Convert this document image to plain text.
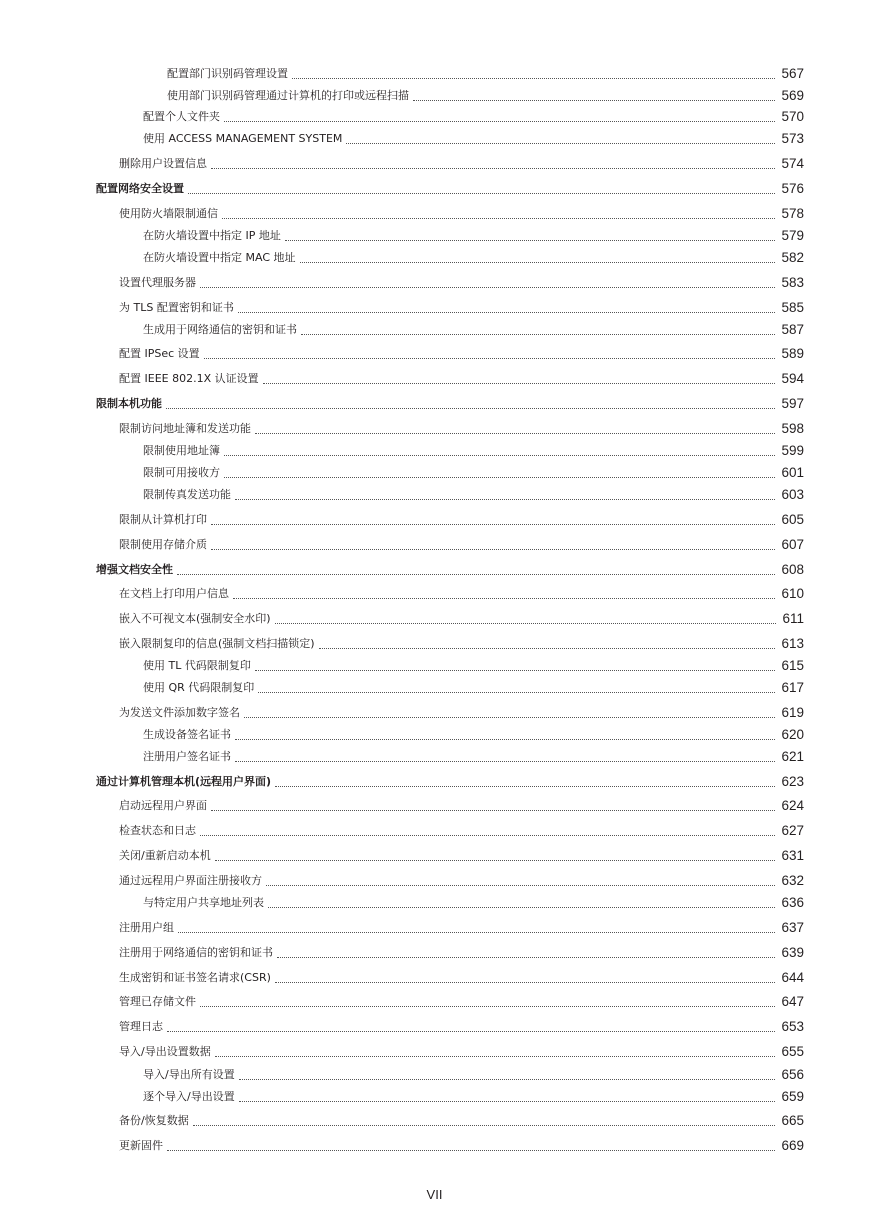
配置部门识别码管理设置	567
使用部门识别码管理通过计算机的打印或远程扫描	569
配置个人文件夹	570
使用 ACCESS MANAGEMENT SYSTEM	573
删除用户设置信息	574
配置网络安全设置	576
使用防火墙限制通信	578
在防火墙设置中指定 IP 地址	579
在防火墙设置中指定 MAC 地址	582
设置代理服务器	583
为 TLS 配置密钥和证书	585
生成用于网络通信的密钥和证书	587
配置 IPSec 设置	589
配置 IEEE 802.1X 认证设置	594
限制本机功能	597
限制访问地址簿和发送功能	598
限制使用地址簿	599
限制可用接收方	601
限制传真发送功能	603
限制从计算机打印	605
限制使用存储介质	607
增强文档安全性	608
在文档上打印用户信息	610
嵌入不可视文本(强制安全水印)	611
嵌入限制复印的信息(强制文档扫描锁定)	613
使用 TL 代码限制复印	615
使用 QR 代码限制复印	617
为发送文件添加数字签名	619
生成设备签名证书	620
注册用户签名证书	621
通过计算机管理本机(远程用户界面)	623
启动远程用户界面	624
检查状态和日志	627
关闭/重新启动本机	631
通过远程用户界面注册接收方	632
与特定用户共享地址列表	636
注册用户组	637
注册用于网络通信的密钥和证书	639
生成密钥和证书签名请求(CSR)	644
管理已存储文件	647
管理日志	653
导入/导出设置数据	655
导入/导出所有设置	656
逐个导入/导出设置	659
备份/恢复数据	665
更新固件	669
VII
